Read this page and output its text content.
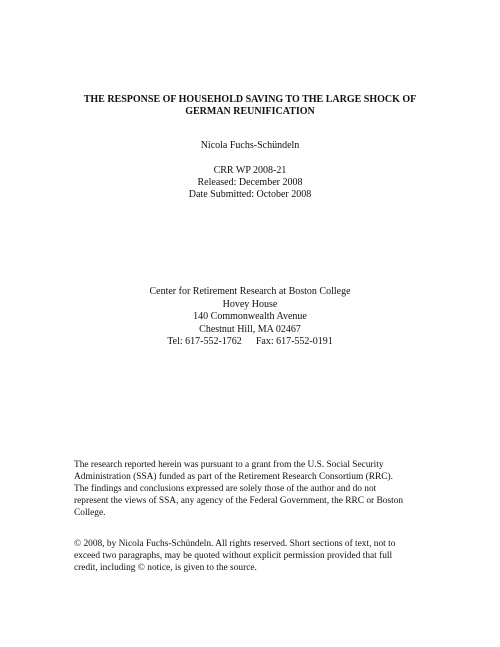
THE RESPONSE OF HOUSEHOLD SAVING TO THE LARGE SHOCK OF
GERMAN REUNIFICATION
Nicola Fuchs-Schündeln
CRR WP 2008-21
Released: December 2008
Date Submitted: October 2008
Center for Retirement Research at Boston College
Hovey House
140 Commonwealth Avenue
Chestnut Hill, MA 02467
Tel: 617-552-1762 Fax: 617-552-0191
The research reported herein was pursuant to a grant from the U.S. Social Security
Administration (SSA) funded as part of the Retirement Research Consortium (RRC).
The findings and conclusions expressed are solely those of the author and do not
represent the views of SSA, any agency of the Federal Government, the RRC or Boston
College.
© 2008, by Nicola Fuchs-Schündeln. All rights reserved. Short sections of text, not to
exceed two paragraphs, may be quoted without explicit permission provided that full
credit, including © notice, is given to the source.
